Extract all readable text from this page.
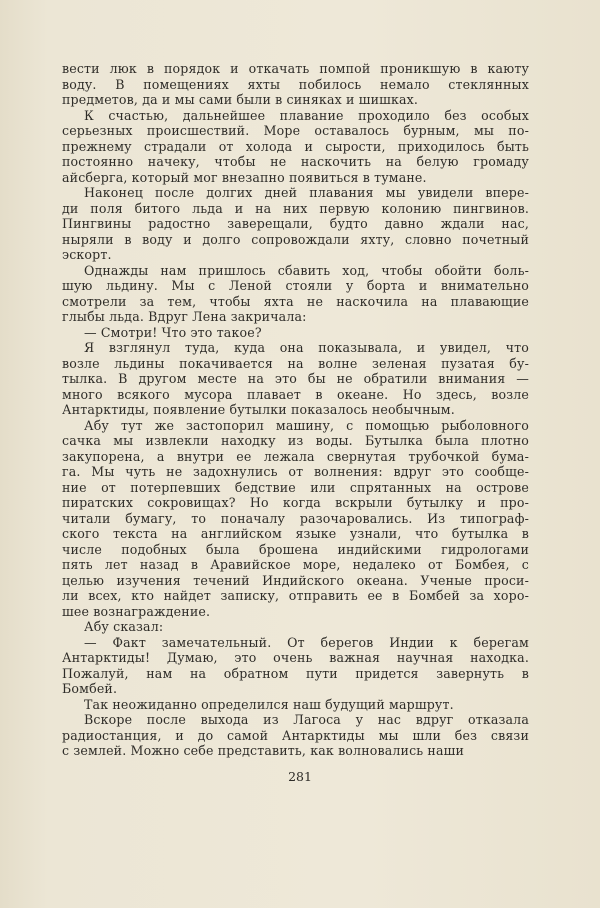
вести люк в порядок и откачать помпой проникшую в каюту
воду. В помещениях яхты побилось немало стеклянных
предметов, да и мы сами были в синяках и шишках.
К счастью, дальнейшее плавание проходило без особых
серьезных происшествий. Море оставалось бурным, мы по-
прежнему страдали от холода и сырости, приходилось быть
постоянно начеку, чтобы не наскочить на белую громаду
айсберга, который мог внезапно появиться в тумане.
Наконец после долгих дней плавания мы увидели впере-
ди поля битого льда и на них первую колонию пингвинов.
Пингвины радостно заверещали, будто давно ждали нас,
ныряли в воду и долго сопровождали яхту, словно почетный
эскорт.
Однажды нам пришлось сбавить ход, чтобы обойти боль-
шую льдину. Мы с Леной стояли у борта и внимательно
смотрели за тем, чтобы яхта не наскочила на плавающие
глыбы льда. Вдруг Лена закричала:
— Смотри! Что это такое?
Я взглянул туда, куда она показывала, и увидел, что
возле льдины покачивается на волне зеленая пузатая бу-
тылка. В другом месте на это бы не обратили внимания —
много всякого мусора плавает в океане. Но здесь, возле
Антарктиды, появление бутылки показалось необычным.
Абу тут же застопорил машину, с помощью рыболовного
сачка мы извлекли находку из воды. Бутылка была плотно
закупорена, а внутри ее лежала свернутая трубочкой бума-
га. Мы чуть не задохнулись от волнения: вдруг это сообще-
ние от потерпевших бедствие или спрятанных на острове
пиратских сокровищах? Но когда вскрыли бутылку и про-
читали бумагу, то поначалу разочаровались. Из типограф-
ского текста на английском языке узнали, что бутылка в
числе подобных была брошена индийскими гидрологами
пять лет назад в Аравийское море, недалеко от Бомбея, с
целью изучения течений Индийского океана. Ученые проси-
ли всех, кто найдет записку, отправить ее в Бомбей за хоро-
шее вознаграждение.
Абу сказал:
— Факт замечательный. От берегов Индии к берегам
Антарктиды! Думаю, это очень важная научная находка.
Пожалуй, нам на обратном пути придется завернуть в
Бомбей.
Так неожиданно определился наш будущий маршрут.
Вскоре после выхода из Лагоса у нас вдруг отказала
радиостанция, и до самой Антарктиды мы шли без связи
с землей. Можно себе представить, как волновались наши
281
